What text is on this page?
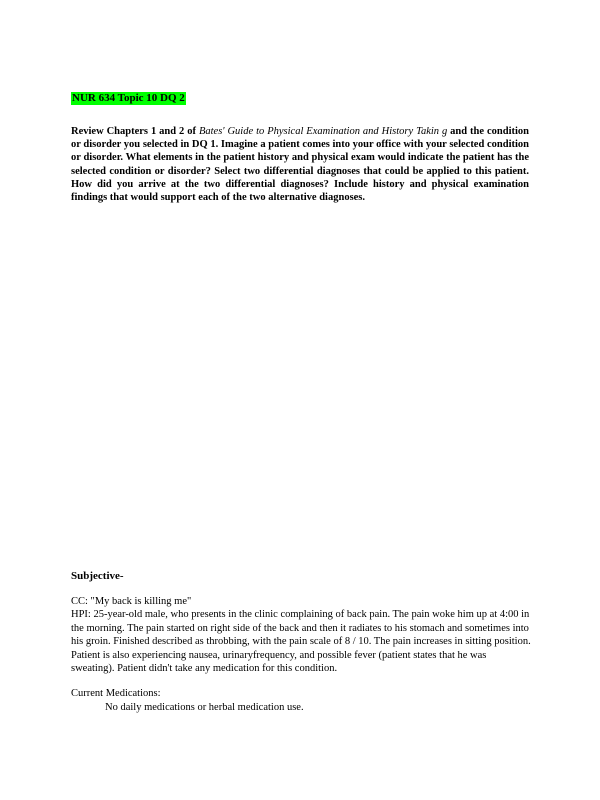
NUR 634 Topic 10 DQ 2

Review Chapters 1 and 2 of Bates' Guide to Physical Examination and History Takin g and the condition or disorder you selected in DQ 1. Imagine a patient comes into your office with your selected condition or disorder. What elements in the patient history and physical exam would indicate the patient has the selected condition or disorder? Select two differential diagnoses that could be applied to this patient. How did you arrive at the two differential diagnoses? Include history and physical examination findings that would support each of the two alternative diagnoses.

Subjective-

CC: "My back is killing me"

HPI: 25-year-old male, who presents in the clinic complaining of back pain. The pain woke him up at 4:00 in the morning. The pain started on right side of the back and then it radiates to his stomach and sometimes into his groin. Finished described as throbbing, with the pain scale of 8 / 10. The pain increases in sitting position. Patient is also experiencing nausea, urinaryfrequency, and possible fever (patient states that he was sweating). Patient didn't take any medication for this condition.

Current Medications:

No daily medications or herbal medication use.
